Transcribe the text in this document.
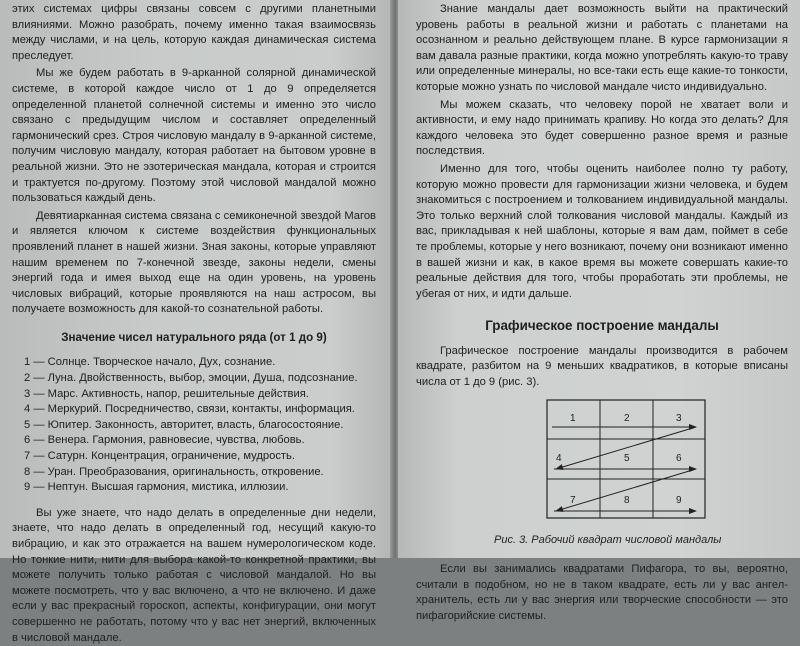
этих системах цифры связаны совсем с другими планетными влияниями. Можно разобрать, почему именно такая взаимосвязь между числами, и на цель, которую каждая динамическая система преследует.

Мы же будем работать в 9-арканной солярной динамической системе, в которой каждое число от 1 до 9 определяется определенной планетой солнечной системы и именно это число связано с предыдущим числом и составляет определенный гармонический срез. Строя числовую мандалу в 9-арканной системе, получим числовую мандалу, которая работает на бытовом уровне в реальной жизни. Это не эзотерическая мандала, которая и строится и трактуется по-другому. Поэтому этой числовой мандалой можно пользоваться каждый день.

Девятиарканная система связана с семиконечной звездой Магов и является ключом к системе воздействия функциональных проявлений планет в нашей жизни. Зная законы, которые управляют нашим временем по 7-конечной звезде, законы недели, смены энергий года и имея выход еще на один уровень, на уровень числовых вибраций, которые проявляются на наш астросом, вы получаете возможность для какой-то сознательной работы.

Значение чисел натурального ряда (от 1 до 9)
1 — Солнце. Творческое начало, Дух, сознание.
2 — Луна. Двойственность, выбор, эмоции, Душа, подсознание.
3 — Марс. Активность, напор, решительные действия.
4 — Меркурий. Посредничество, связи, контакты, информация.
5 — Юпитер. Законность, авторитет, власть, благосостояние.
6 — Венера. Гармония, равновесие, чувства, любовь.
7 — Сатурн. Концентрация, ограничение, мудрость.
8 — Уран. Преобразования, оригинальность, откровение.
9 — Нептун. Высшая гармония, мистика, иллюзии.

Вы уже знаете, что надо делать в определенные дни недели, знаете, что надо делать в определенный год, несущий какую-то вибрацию, и как это отражается на вашем нумерологическом коде. Но тонкие нити, нити для выбора какой-то конкретной практики, вы можете получить только работая с числовой мандалой. Но вы можете посмотреть, что у вас включено, а что не включено. И даже если у вас прекрасный гороскоп, аспекты, конфигурации, они могут совершенно не работать, потому что у вас нет энергий, включенных в числовой мандале.

Знание мандалы дает возможность выйти на практический уровень работы в реальной жизни и работать с планетами на осознанном и реально действующем плане. В курсе гармонизации я вам давала разные практики, когда можно употреблять какую-то траву или определенные минералы, но все-таки есть еще какие-то тонкости, которые можно узнать по числовой мандале чисто индивидуально.

Мы можем сказать, что человеку порой не хватает воли и активности, и ему надо принимать крапиву. Но когда это делать? Для каждого человека это будет совершенно разное время и разные последствия.

Именно для того, чтобы оценить наиболее полно ту работу, которую можно провести для гармонизации жизни человека, и будем знакомиться с построением и толкованием индивидуальной мандалы. Это только верхний слой толкования числовой мандалы. Каждый из вас, прикладывая к ней шаблоны, которые я вам дам, поймет в себе те проблемы, которые у него возникают, почему они возникают именно в вашей жизни и как, в какое время вы можете совершать какие-то реальные действия для того, чтобы проработать эти проблемы, не убегая от них, и идти дальше.

Графическое построение мандалы

Графическое построение мандалы производится в рабочем квадрате, разбитом на 9 меньших квадратиков, в которые вписаны числа от 1 до 9 (рис. 3).

1	2	3
4	5	6
7	8	9
Рис. 3. Рабочий квадрат числовой мандалы

Если вы занимались квадратами Пифагора, то вы, вероятно, считали в подобном, но не в таком квадрате, есть ли у вас ангел-хранитель, есть ли у вас энергия или творческие способности — это пифагорийские системы.
